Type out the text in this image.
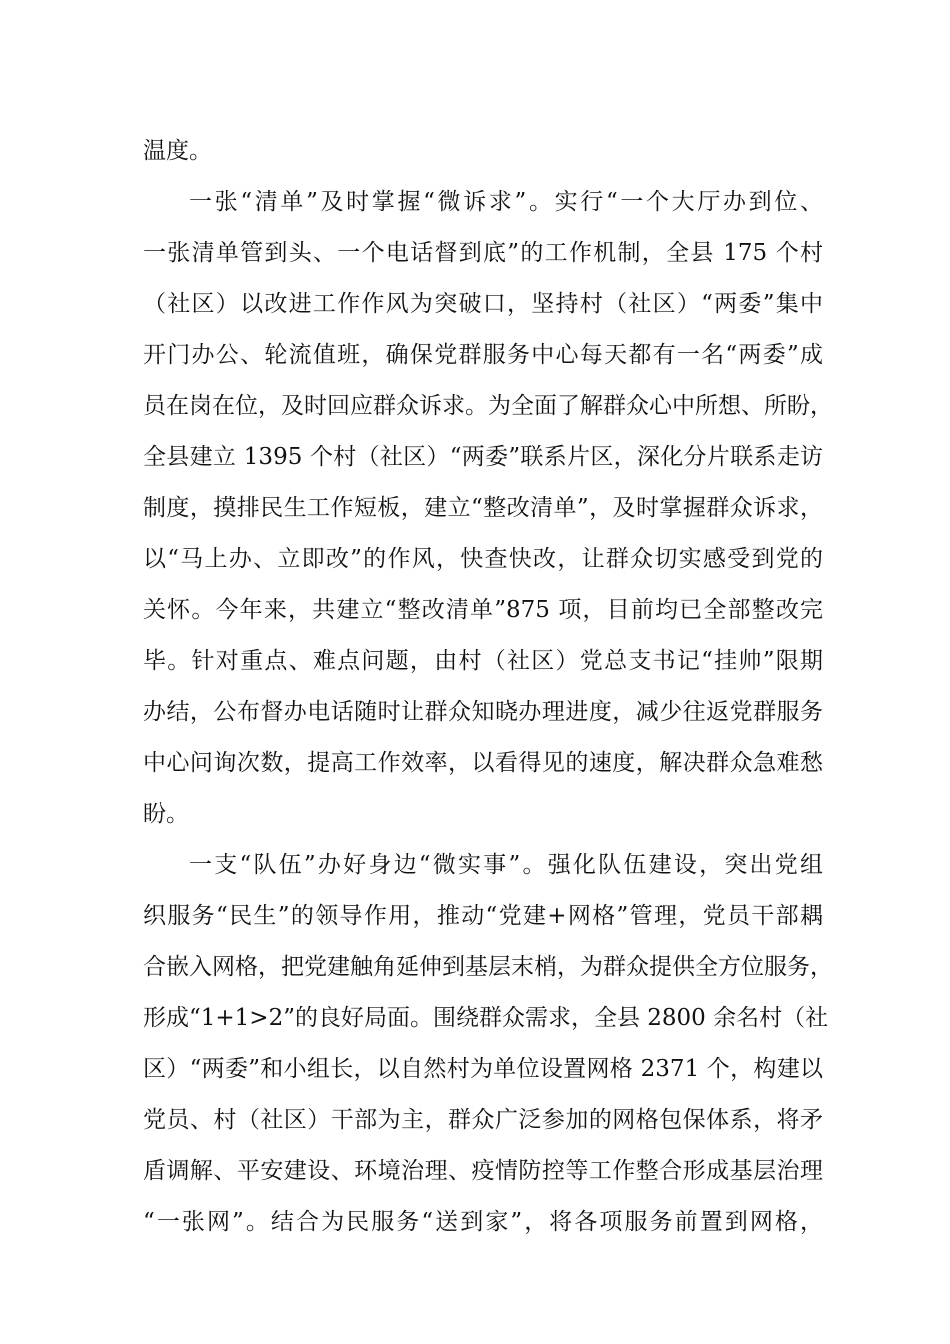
温度。
一张“清单”及时掌握“微诉求”。实行“一个大厅办到位、
一张清单管到头、一个电话督到底”的工作机制，全县 175 个村
（社区）以改进工作作风为突破口，坚持村（社区）“两委”集中
开门办公、轮流值班，确保党群服务中心每天都有一名“两委”成
员在岗在位，及时回应群众诉求。为全面了解群众心中所想、所盼，
全县建立 1395 个村（社区）“两委”联系片区，深化分片联系走访
制度，摸排民生工作短板，建立“整改清单”，及时掌握群众诉求，
以“马上办、立即改”的作风，快查快改，让群众切实感受到党的
关怀。今年来，共建立“整改清单”875 项，目前均已全部整改完
毕。针对重点、难点问题，由村（社区）党总支书记“挂帅”限期
办结，公布督办电话随时让群众知晓办理进度，减少往返党群服务
中心问询次数，提高工作效率，以看得见的速度，解决群众急难愁
盼。
一支“队伍”办好身边“微实事”。强化队伍建设，突出党组
织服务“民生”的领导作用，推动“党建+网格”管理，党员干部耦
合嵌入网格，把党建触角延伸到基层末梢，为群众提供全方位服务，
形成“1+1>2”的良好局面。围绕群众需求，全县 2800 余名村（社
区）“两委”和小组长，以自然村为单位设置网格 2371 个，构建以
党员、村（社区）干部为主，群众广泛参加的网格包保体系，将矛
盾调解、平安建设、环境治理、疫情防控等工作整合形成基层治理
“一张网”。结合为民服务“送到家”，将各项服务前置到网格，
